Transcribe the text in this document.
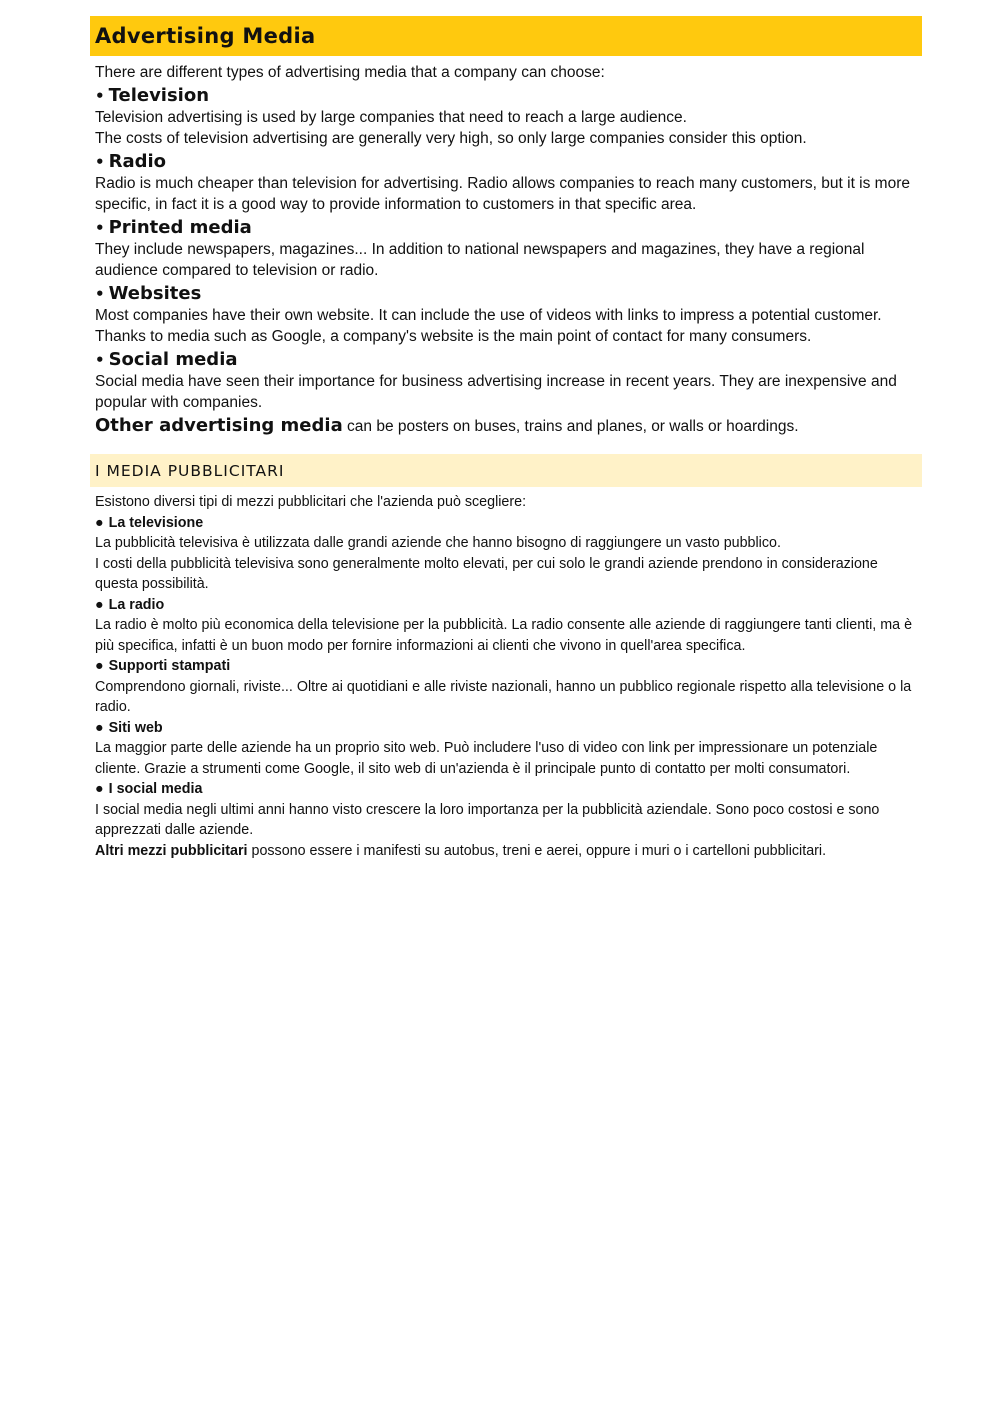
Advertising Media

There are different types of advertising media that a company can choose:

• Television

Television advertising is used by large companies that need to reach a large audience.

The costs of television advertising are generally very high, so only large companies consider this option.

• Radio

Radio is much cheaper than television for advertising. Radio allows companies to reach many customers, but it is more specific, in fact it is a good way to provide information to customers in that specific area.

• Printed media

They include newspapers, magazines... In addition to national newspapers and magazines, they have a regional audience compared to television or radio.

• Websites

Most companies have their own website. It can include the use of videos with links to impress a potential customer. Thanks to media such as Google, a company's website is the main point of contact for many consumers.

• Social media

Social media have seen their importance for business advertising increase in recent years. They are inexpensive and popular with companies.

Other advertising media can be posters on buses, trains and planes, or walls or hoardings.

I MEDIA PUBBLICITARI

Esistono diversi tipi di mezzi pubblicitari che l'azienda può scegliere:

● La televisione

La pubblicità televisiva è utilizzata dalle grandi aziende che hanno bisogno di raggiungere un vasto pubblico.

I costi della pubblicità televisiva sono generalmente molto elevati, per cui solo le grandi aziende prendono in considerazione questa possibilità.

● La radio

La radio è molto più economica della televisione per la pubblicità. La radio consente alle aziende di raggiungere tanti clienti, ma è più specifica, infatti è un buon modo per fornire informazioni ai clienti che vivono in quell'area specifica.

● Supporti stampati

Comprendono giornali, riviste... Oltre ai quotidiani e alle riviste nazionali, hanno un pubblico regionale rispetto alla televisione o la radio.

● Siti web

La maggior parte delle aziende ha un proprio sito web. Può includere l'uso di video con link per impressionare un potenziale cliente. Grazie a strumenti come Google, il sito web di un'azienda è il principale punto di contatto per molti consumatori.

● I social media

I social media negli ultimi anni hanno visto crescere la loro importanza per la pubblicità aziendale. Sono poco costosi e sono apprezzati dalle aziende.

Altri mezzi pubblicitari possono essere i manifesti su autobus, treni e aerei, oppure i muri o i cartelloni pubblicitari.
